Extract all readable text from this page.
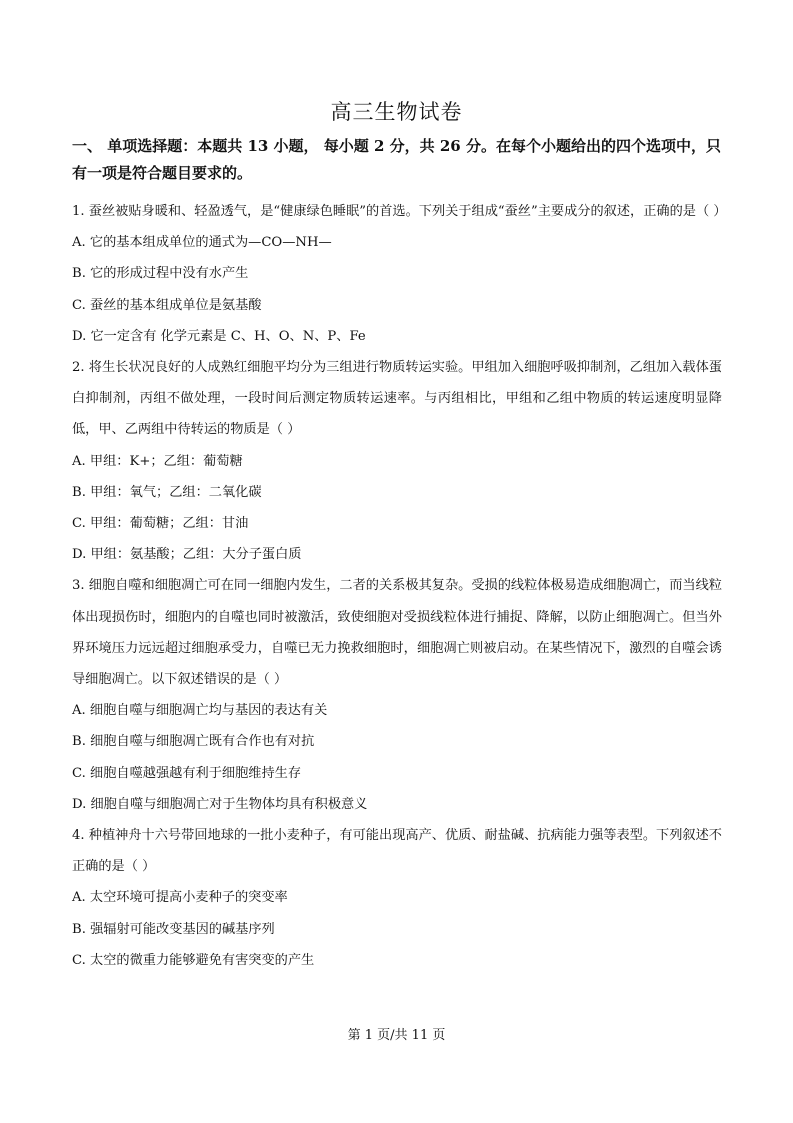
高三生物试卷
一、 单项选择题：本题共 13 小题， 每小题 2 分，共 26 分。在每个小题给出的四个选项中，只有一项是符合题目要求的。
1. 蚕丝被贴身暖和、轻盈透气，是“健康绿色睡眠”的首选。下列关于组成“蚕丝”主要成分的叙述，正确的是（ ）
A. 它的基本组成单位的通式为—CO—NH—
B. 它的形成过程中没有水产生
C. 蚕丝的基本组成单位是氨基酸
D. 它一定含有 化学元素是 C、H、O、N、P、Fe
2. 将生长状况良好的人成熟红细胞平均分为三组进行物质转运实验。甲组加入细胞呼吸抑制剂，乙组加入载体蛋白抑制剂，丙组不做处理，一段时间后测定物质转运速率。与丙组相比，甲组和乙组中物质的转运速度明显降低，甲、乙两组中待转运的物质是（ ）
A. 甲组：K+；乙组：葡萄糖
B. 甲组：氧气；乙组：二氧化碳
C. 甲组：葡萄糖；乙组：甘油
D. 甲组：氨基酸；乙组：大分子蛋白质
3. 细胞自噬和细胞凋亡可在同一细胞内发生，二者的关系极其复杂。受损的线粒体极易造成细胞凋亡，而当线粒体出现损伤时，细胞内的自噬也同时被激活，致使细胞对受损线粒体进行捕捉、降解，以防止细胞凋亡。但当外界环境压力远远超过细胞承受力，自噬已无力挽救细胞时，细胞凋亡则被启动。在某些情况下，激烈的自噬会诱导细胞凋亡。以下叙述错误的是（ ）
A. 细胞自噬与细胞凋亡均与基因的表达有关
B. 细胞自噬与细胞凋亡既有合作也有对抗
C. 细胞自噬越强越有利于细胞维持生存
D. 细胞自噬与细胞凋亡对于生物体均具有积极意义
4. 种植神舟十六号带回地球的一批小麦种子，有可能出现高产、优质、耐盐碱、抗病能力强等表型。下列叙述不正确的是（ ）
A. 太空环境可提高小麦种子的突变率
B. 强辐射可能改变基因的碱基序列
C. 太空的微重力能够避免有害突变的产生
第 1 页/共 11 页
